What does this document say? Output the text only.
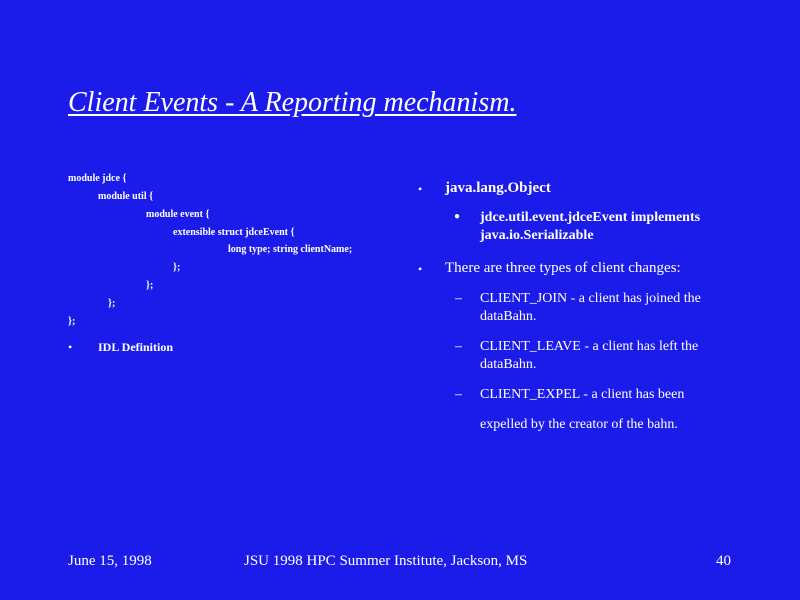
Client Events - A Reporting mechanism.
module jdce {
module util {
module event {
extensible struct jdceEvent {
long type; string clientName;
};
};
};
};
• IDL Definition
• java.lang.Object
● jdce.util.event.jdceEvent implements
java.io.Serializable
• There are three types of client changes:
– CLIENT_JOIN - a client has joined the
dataBahn.
– CLIENT_LEAVE - a client has left the
dataBahn.
– CLIENT_EXPEL - a client has been
expelled by the creator of the bahn.
June 15, 1998	JSU 1998 HPC Summer Institute, Jackson, MS	40
